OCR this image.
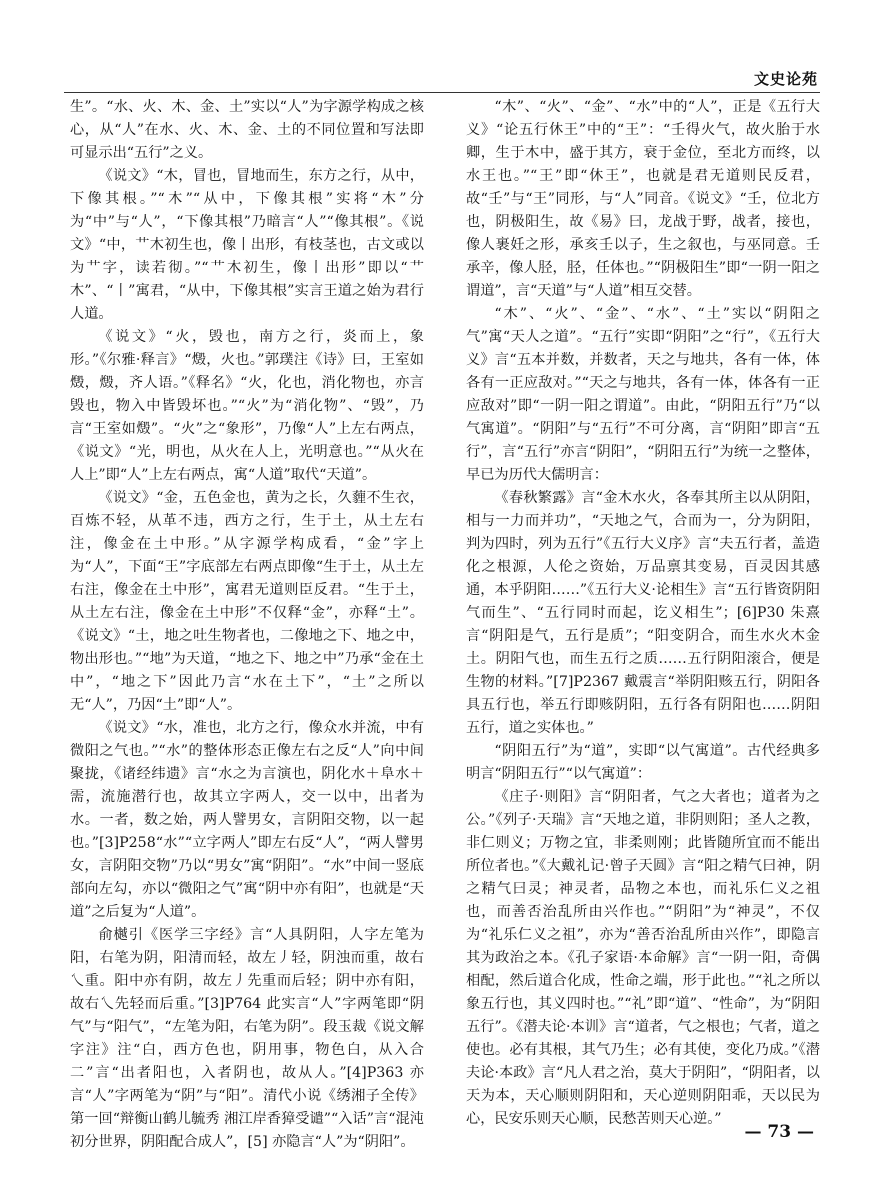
文史论苑

生”。“水、火、木、金、土”实以“人”为字源学构成之核心，从“人”在水、火、木、金、土的不同位置和写法即可显示出“五行”之义。

《说文》“木，冒也，冒地而生，东方之行，从中，下像其根。”“木”“从中，下像其根”实将“木”分为“中”与“人”，“下像其根”乃暗言“人”“像其根”。《说文》“中，艹木初生也，像丨出形，有枝茎也，古文或以为艹字，读若彻。”“艹木初生，像丨出形”即以“艹木”、“丨”寓君，“从中，下像其根”实言王道之始为君行人道。

《说文》“火，毁也，南方之行，炎而上，象形。”《尔雅·释言》“燬，火也。”郭璞注《诗》曰，王室如燬，燬，齐人语。”《释名》“火，化也，消化物也，亦言毁也，物入中皆毁坏也。”“火”为“消化物”、“毁”，乃言“王室如燬”。“火”之“象形”，乃像“人”上左右两点，《说文》“光，明也，从火在人上，光明意也。”“从火在人上”即“人”上左右两点，寓“人道”取代“天道”。

《说文》“金，五色金也，黄为之长，久薶不生衣，百炼不轻，从革不违，西方之行，生于土，从土左右注，像金在土中形。”从字源学构成看，“金”字上为“人”，下面“王”字底部左右两点即像“生于土，从土左右注，像金在土中形”，寓君无道则臣反君。“生于土，从土左右注，像金在土中形”不仅释“金”，亦释“土”。《说文》“土，地之吐生物者也，二像地之下、地之中，物出形也。”“地”为天道，“地之下、地之中”乃承“金在土中”，“地之下”因此乃言“水在土下”，“土”之所以无“人”，乃因“土”即“人”。

《说文》“水，准也，北方之行，像众水并流，中有微阳之气也。”“水”的整体形态正像左右之反“人”向中间聚拢，《诸经纬遗》言“水之为言演也，阴化水＋阜水＋需，流施潜行也，故其立字两人，交一以中，出者为水。一者，数之始，两人譬男女，言阴阳交物，以一起也。”[3]P258“水”“立字两人”即左右反“人”，“两人譬男女，言阴阳交物”乃以“男女”寓“阴阳”。“水”中间一竖底部向左勾，亦以“微阳之气”寓“阴中亦有阳”，也就是“天道”之后复为“人道”。

俞樾引《医学三字经》言“人具阴阳，人字左笔为阳，右笔为阴，阳清而轻，故左丿轻，阴浊而重，故右乀重。阳中亦有阴，故左丿先重而后轻；阴中亦有阳，故右乀先轻而后重。”[3]P764 此实言“人”字两笔即“阴气”与“阳气”，“左笔为阳，右笔为阴”。段玉裁《说文解字注》注“白，西方色也，阴用事，物色白，从入合二”言“出者阳也，入者阴也，故从人。”[4]P363 亦言“人”字两笔为“阴”与“阳”。清代小说《绣湘子全传》第一回“辩衡山鹤儿毓秀 湘江岸香獐受谴”“入话”言“混沌初分世界，阴阳配合成人”，[5] 亦隐言“人”为“阴阳”。

“木”、“火”、“金”、“水”中的“人”，正是《五行大义》“论五行休王”中的“王”：“壬得火气，故火胎于水卿，生于木中，盛于其方，衰于金位，至北方而终，以水王也。”“王”即“休王”，也就是君无道则民反君，故“壬”与“王”同形，与“人”同音。《说文》“壬，位北方也，阴极阳生，故《易》曰，龙战于野，战者，接也，像人裹妊之形，承亥壬以子，生之叙也，与巫同意。壬承辛，像人胫，胫，任体也。”“阴极阳生”即“一阴一阳之谓道”，言“天道”与“人道”相互交替。

“木”、“火”、“金”、“水”、“土”实以“阴阳之气”寓“天人之道”。“五行”实即“阴阳”之“行”，《五行大义》言“五本并数，并数者，天之与地共，各有一体，体各有一正应敌对。”“天之与地共，各有一体，体各有一正应敌对”即“一阴一阳之谓道”。由此，“阴阳五行”乃“以气寓道”。“阴阳”与“五行”不可分离，言“阴阳”即言“五行”，言“五行”亦言“阴阳”，“阴阳五行”为统一之整体，早已为历代大儒明言：

《春秋繁露》言“金木水火，各奉其所主以从阴阳，相与一力而并功”，“天地之气，合而为一，分为阴阳，判为四时，列为五行”《五行大义序》言“夫五行者，盖造化之根源，人伦之资始，万品禀其变易，百灵因其感通，本乎阴阳……”《五行大义·论相生》言“五行皆资阴阳气而生”、“五行同时而起，讫义相生”；[6]P30 朱熹言“阴阳是气，五行是质”；“阳变阴合，而生水火木金土。阴阳气也，而生五行之质……五行阴阳滚合，便是生物的材料。”[7]P2367 戴震言“举阴阳赅五行，阴阳各具五行也，举五行即赅阴阳，五行各有阴阳也……阴阳五行，道之实体也。”

“阴阳五行”为“道”，实即“以气寓道”。古代经典多明言“阴阳五行”“以气寓道”：

《庄子·则阳》言“阴阳者，气之大者也；道者为之公。”《列子·天瑞》言“天地之道，非阴则阳；圣人之教，非仁则义；万物之宜，非柔则刚；此皆随所宜而不能出所位者也。”《大戴礼记·曾子天圆》言“阳之精气曰神，阴之精气曰灵；神灵者，品物之本也，而礼乐仁义之祖也，而善否治乱所由兴作也。”“阴阳”为“神灵”，不仅为“礼乐仁义之祖”，亦为“善否治乱所由兴作”，即隐言其为政治之本。《孔子家语·本命解》言“一阴一阳，奇偶相配，然后道合化成，性命之端，形于此也。”“礼之所以象五行也，其义四时也。”“礼”即“道”、“性命”，为“阴阳五行”。《潜夫论·本训》言“道者，气之根也；气者，道之使也。必有其根，其气乃生；必有其使，变化乃成。”《潜夫论·本政》言“凡人君之治，莫大于阴阳”，“阴阳者，以天为本，天心顺则阴阳和，天心逆则阴阳乖，天以民为心，民安乐则天心顺，民愁苦则天心逆。”

— 73 —
